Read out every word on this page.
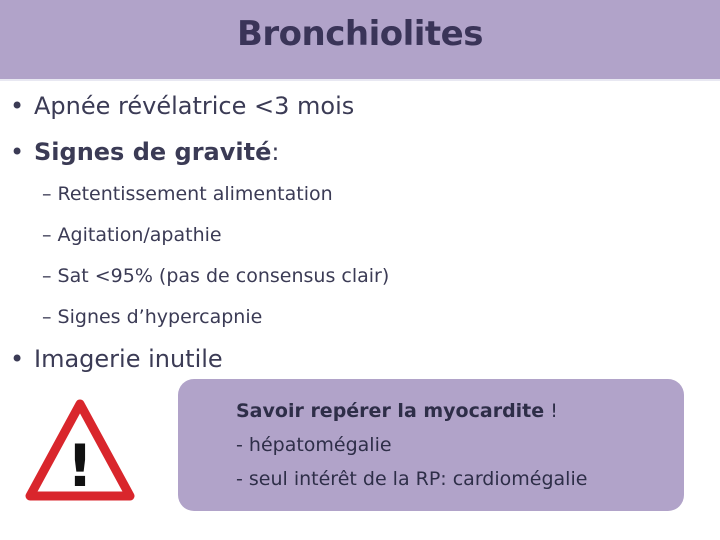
Bronchiolites
• Apnée révélatrice <3 mois
• Signes de gravité:
– Retentissement alimentation
– Agitation/apathie
– Sat <95% (pas de consensus clair)
– Signes d’hypercapnie
• Imagerie inutile
!
Savoir repérer la myocardite !
- hépatomégalie
- seul intérêt de la RP: cardiomégalie
